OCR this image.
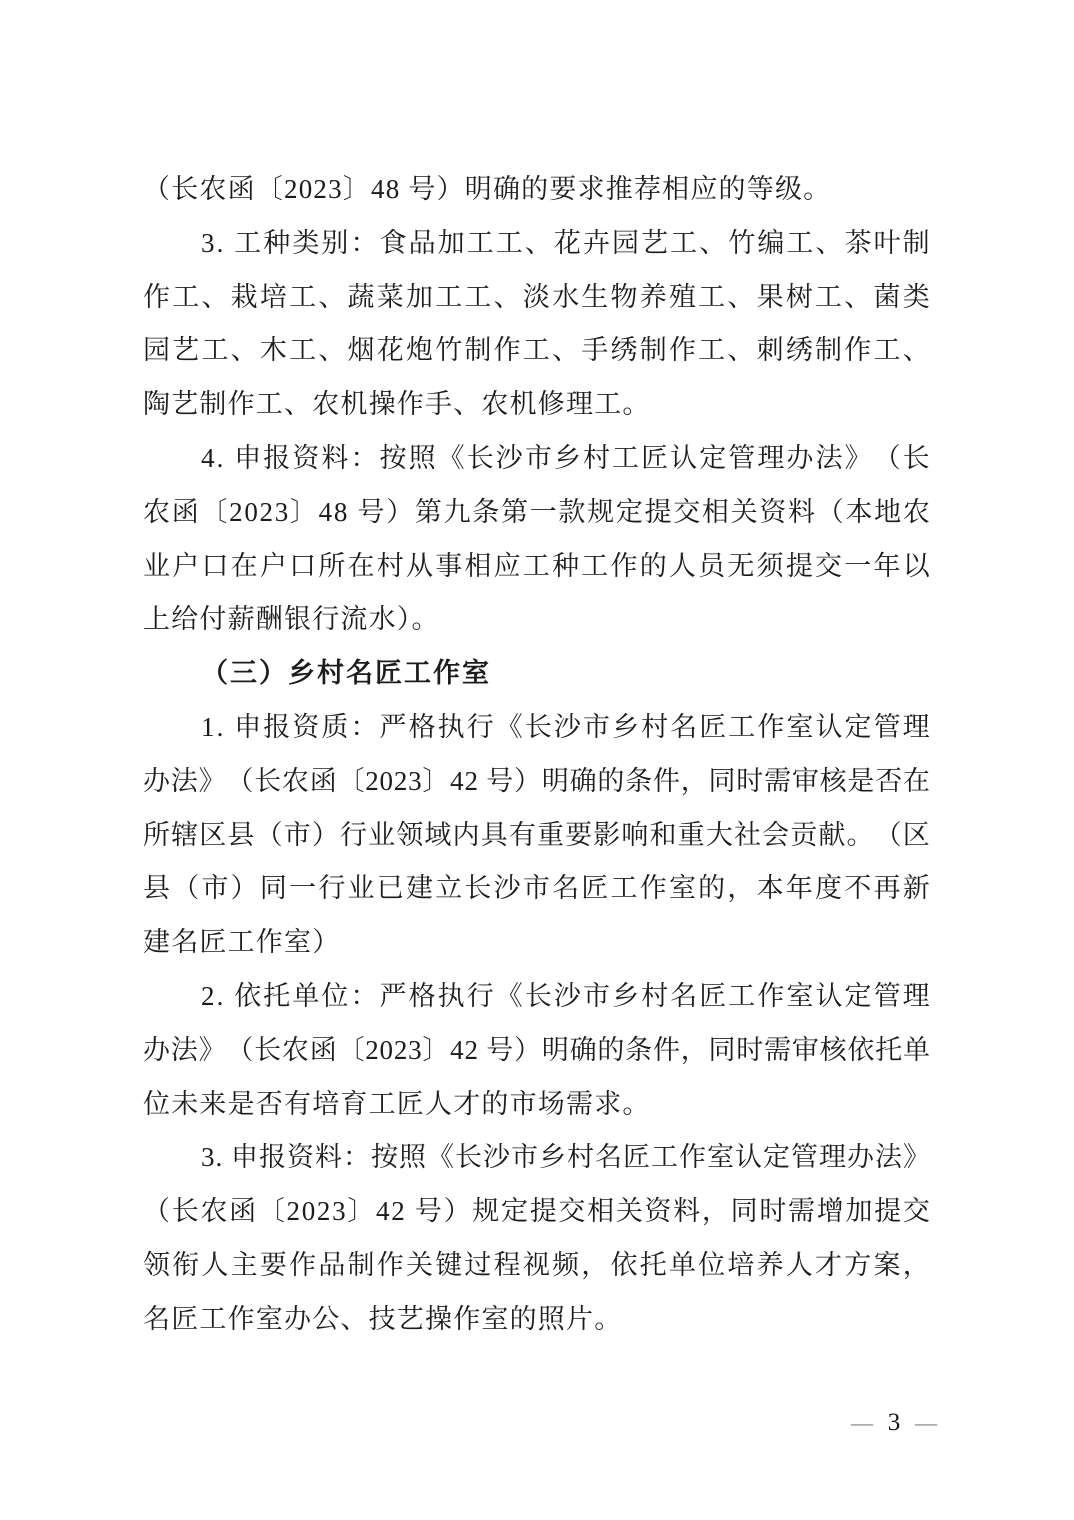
（长农函〔2023〕48 号）明确的要求推荐相应的等级。
3 .
工 种 类 别 ： 食 品 加 工 工 、 花 卉 园 艺 工 、 竹 编 工 、 茶 叶 制
作 工 、 栽 培 工 、 蔬 菜 加 工 工 、 淡 水 生 物 养 殖 工 、 果 树 工 、 菌 类
园 艺 工 、 木 工 、 烟 花 炮 竹 制 作 工 、 手 绣 制 作 工 、 刺 绣 制 作 工 、
陶艺制作工、农机操作手、农机修理工。
4 .
申 报 资 料 ： 按 照 《 长 沙 市 乡 村 工 匠 认 定 管 理 办 法 》 （ 长
农 函 〔 2 0 2 3 〕 4 8
号 ） 第 九 条 第 一 款 规 定 提 交 相 关 资 料 （ 本 地 农
业 户 口 在 户 口 所 在 村 从 事 相 应 工 种 工 作 的 人 员 无 须 提 交 一 年 以
上给付薪酬银行流水）。
（三）乡村名匠工作室
1 .
申 报 资 质 ： 严 格 执 行 《 长 沙 市 乡 村 名 匠 工 作 室 认 定 管 理
办 法 》 （ 长 农 函 〔 2 0 2 3 〕 4 2
号 ） 明 确 的 条 件 ， 同 时 需 审 核 是 否 在
所 辖 区 县 （ 市 ） 行 业 领 域 内 具 有 重 要 影 响 和 重 大 社 会 贡 献 。 （ 区
县 （ 市 ） 同 一 行 业 已 建 立 长 沙 市 名 匠 工 作 室 的 ， 本 年 度 不 再 新
建名匠工作室）
2 .
依 托 单 位 ： 严 格 执 行 《 长 沙 市 乡 村 名 匠 工 作 室 认 定 管 理
办 法 》 （ 长 农 函 〔 2 0 2 3 〕 4 2
号 ） 明 确 的 条 件 ， 同 时 需 审 核 依 托 单
位未来是否有培育工匠人才的市场需求。
3 .
申 报 资 料 ： 按 照 《 长 沙 市 乡 村 名 匠 工 作 室 认 定 管 理 办 法 》
（ 长 农 函 〔 2 0 2 3 〕 4 2
号 ） 规 定 提 交 相 关 资 料 ， 同 时 需 增 加 提 交
领 衔 人 主 要 作 品 制 作 关 键 过 程 视 频 ， 依 托 单 位 培 养 人 才 方 案 ，
名匠工作室办公、技艺操作室的照片。
— 3 —
